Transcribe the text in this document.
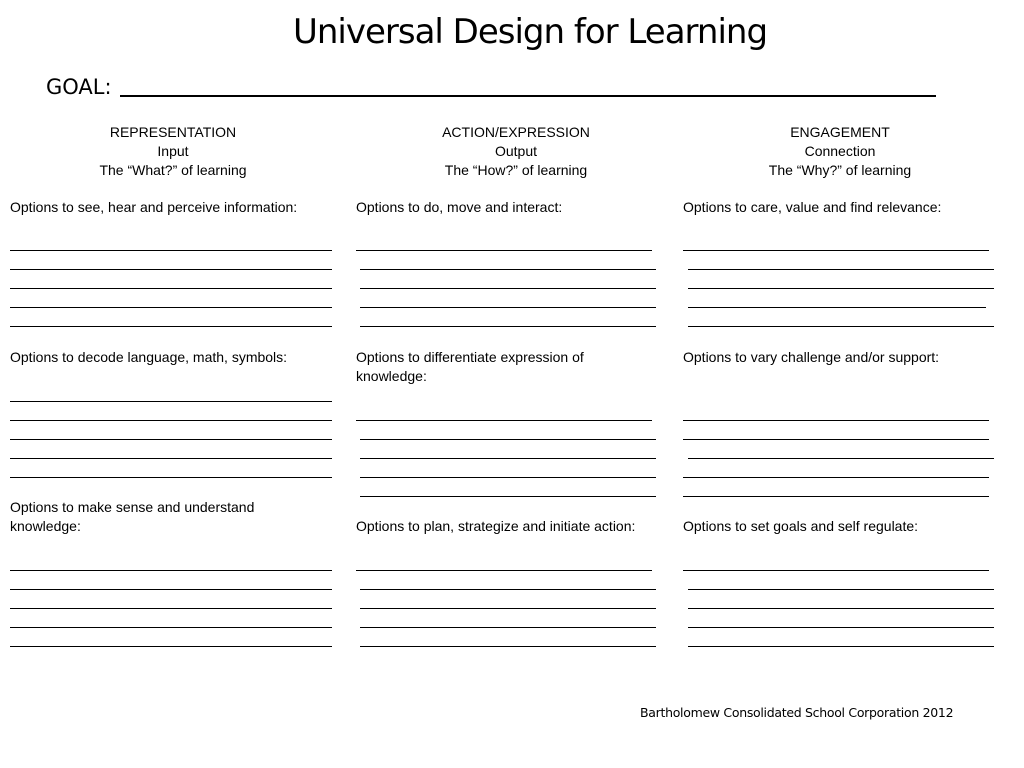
Universal Design for Learning
GOAL:
REPRESENTATION
Input
The “What?” of learning
ACTION/EXPRESSION
Output
The “How?” of learning
ENGAGEMENT
Connection
The “Why?” of learning
Options to see, hear and perceive information:
Options to decode language, math, symbols:
Options to make sense and understand knowledge:
Options to do, move and interact:
Options to differentiate expression of knowledge:
Options to plan, strategize and initiate action:
Options to care, value and find relevance:
Options to vary challenge and/or support:
Options to set goals and self regulate:
Bartholomew Consolidated School Corporation 2012
